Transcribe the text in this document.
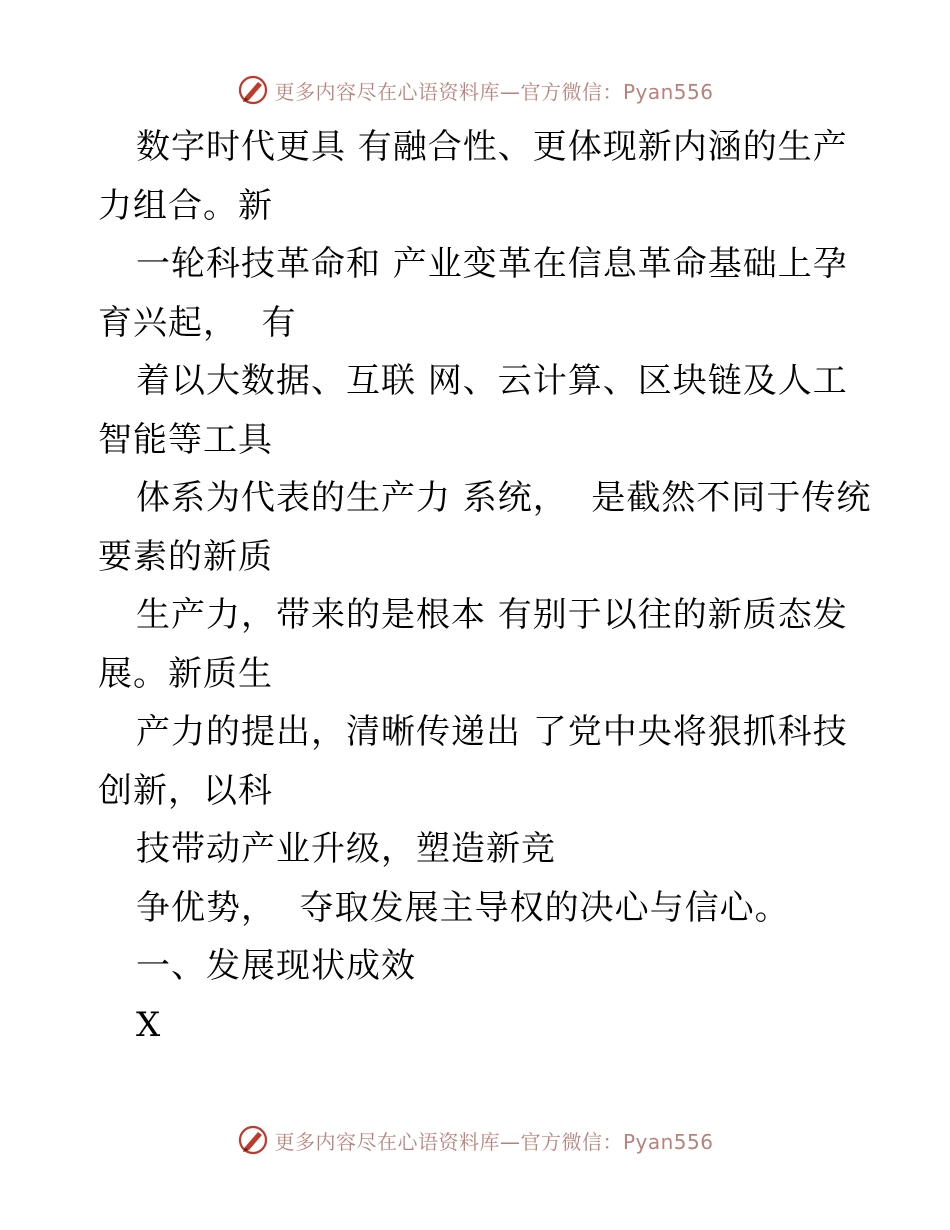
更多内容尽在心语资料库—官方微信：Pyan556
数字时代更具 有融合性、更体现新内涵的生产
力组合。新
一轮科技革命和 产业变革在信息革命基础上孕
育兴起，  有
着以大数据、互联 网、云计算、区块链及人工
智能等工具
体系为代表的生产力 系统，  是截然不同于传统
要素的新质
生产力，带来的是根本 有别于以往的新质态发
展。新质生
产力的提出，清晰传递出 了党中央将狠抓科技
创新，以科
技带动产业升级，塑造新竞
争优势，  夺取发展主导权的决心与信心。
一、发展现状成效
X
更多内容尽在心语资料库—官方微信：Pyan556
